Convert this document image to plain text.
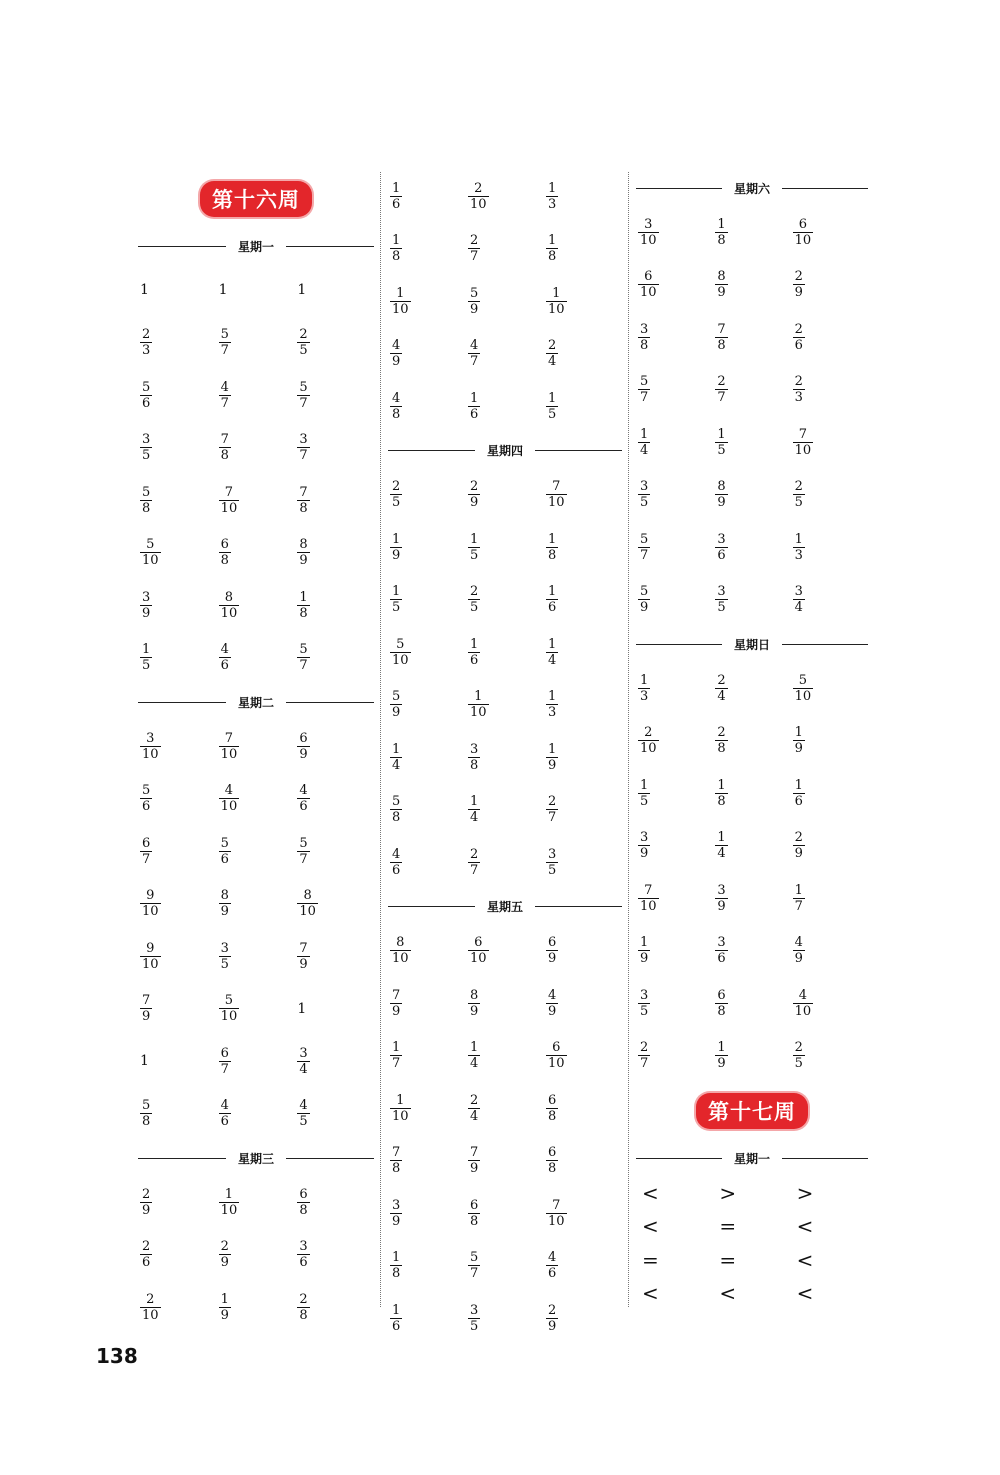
第十六周
星期一
1	1	1
$\frac{2}{3}$	$\frac{5}{7}$	$\frac{2}{5}$
$\frac{5}{6}$	$\frac{4}{7}$	$\frac{5}{7}$
$\frac{3}{5}$	$\frac{7}{8}$	$\frac{3}{7}$
$\frac{5}{8}$	$\frac{7}{10}$	$\frac{7}{8}$
$\frac{5}{10}$	$\frac{6}{8}$	$\frac{8}{9}$
$\frac{3}{9}$	$\frac{8}{10}$	$\frac{1}{8}$
$\frac{1}{5}$	$\frac{4}{6}$	$\frac{5}{7}$
星期二
$\frac{3}{10}$	$\frac{7}{10}$	$\frac{6}{9}$
$\frac{5}{6}$	$\frac{4}{10}$	$\frac{4}{6}$
$\frac{6}{7}$	$\frac{5}{6}$	$\frac{5}{7}$
$\frac{9}{10}$	$\frac{8}{9}$	$\frac{8}{10}$
$\frac{9}{10}$	$\frac{3}{5}$	$\frac{7}{9}$
$\frac{7}{9}$	$\frac{5}{10}$	1
1	$\frac{6}{7}$	$\frac{3}{4}$
$\frac{5}{8}$	$\frac{4}{6}$	$\frac{4}{5}$
星期三
$\frac{2}{9}$	$\frac{1}{10}$	$\frac{6}{8}$
$\frac{2}{6}$	$\frac{2}{9}$	$\frac{3}{6}$
$\frac{2}{10}$	$\frac{1}{9}$	$\frac{2}{8}$
$\frac{1}{6}$	$\frac{2}{10}$	$\frac{1}{3}$
$\frac{1}{8}$	$\frac{2}{7}$	$\frac{1}{8}$
$\frac{1}{10}$	$\frac{5}{9}$	$\frac{1}{10}$
$\frac{4}{9}$	$\frac{4}{7}$	$\frac{2}{4}$
$\frac{4}{8}$	$\frac{1}{6}$	$\frac{1}{5}$
星期四
$\frac{2}{5}$	$\frac{2}{9}$	$\frac{7}{10}$
$\frac{1}{9}$	$\frac{1}{5}$	$\frac{1}{8}$
$\frac{1}{5}$	$\frac{2}{5}$	$\frac{1}{6}$
$\frac{5}{10}$	$\frac{1}{6}$	$\frac{1}{4}$
$\frac{5}{9}$	$\frac{1}{10}$	$\frac{1}{3}$
$\frac{1}{4}$	$\frac{3}{8}$	$\frac{1}{9}$
$\frac{5}{8}$	$\frac{1}{4}$	$\frac{2}{7}$
$\frac{4}{6}$	$\frac{2}{7}$	$\frac{3}{5}$
星期五
$\frac{8}{10}$	$\frac{6}{10}$	$\frac{6}{9}$
$\frac{7}{9}$	$\frac{8}{9}$	$\frac{4}{9}$
$\frac{1}{7}$	$\frac{1}{4}$	$\frac{6}{10}$
$\frac{1}{10}$	$\frac{2}{4}$	$\frac{6}{8}$
$\frac{7}{8}$	$\frac{7}{9}$	$\frac{6}{8}$
$\frac{3}{9}$	$\frac{6}{8}$	$\frac{7}{10}$
$\frac{1}{8}$	$\frac{5}{7}$	$\frac{4}{6}$
$\frac{1}{6}$	$\frac{3}{5}$	$\frac{2}{9}$
星期六
$\frac{3}{10}$	$\frac{1}{8}$	$\frac{6}{10}$
$\frac{6}{10}$	$\frac{8}{9}$	$\frac{2}{9}$
$\frac{3}{8}$	$\frac{7}{8}$	$\frac{2}{6}$
$\frac{5}{7}$	$\frac{2}{7}$	$\frac{2}{3}$
$\frac{1}{4}$	$\frac{1}{5}$	$\frac{7}{10}$
$\frac{3}{5}$	$\frac{8}{9}$	$\frac{2}{5}$
$\frac{5}{7}$	$\frac{3}{6}$	$\frac{1}{3}$
$\frac{5}{9}$	$\frac{3}{5}$	$\frac{3}{4}$
星期日
$\frac{1}{3}$	$\frac{2}{4}$	$\frac{5}{10}$
$\frac{2}{10}$	$\frac{2}{8}$	$\frac{1}{9}$
$\frac{1}{5}$	$\frac{1}{8}$	$\frac{1}{6}$
$\frac{3}{9}$	$\frac{1}{4}$	$\frac{2}{9}$
$\frac{7}{10}$	$\frac{3}{9}$	$\frac{1}{7}$
$\frac{1}{9}$	$\frac{3}{6}$	$\frac{4}{9}$
$\frac{3}{5}$	$\frac{6}{8}$	$\frac{4}{10}$
$\frac{2}{7}$	$\frac{1}{9}$	$\frac{2}{5}$
第十七周
星期一
<	>	>
<	=	<
=	=	<
<	<	<
138
